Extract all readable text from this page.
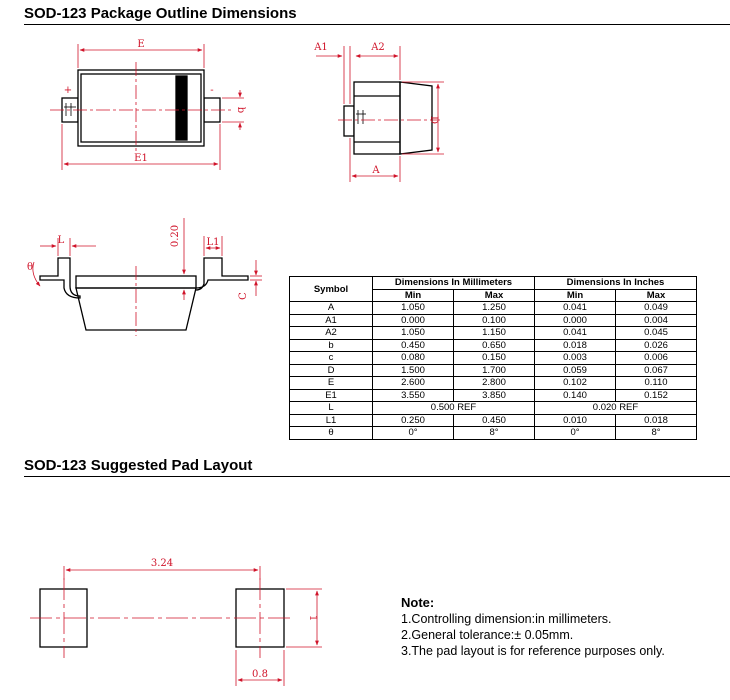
SOD-123 Package Outline Dimensions
SOD-123 Suggested Pad Layout
E
E1
+	-
b
A1	A2
D
A
L
θ
0.20	L1
C
3.24
1
0.8
Symbol	Dimensions In Millimeters		Dimensions In Inches	
	Min	Max	Min	Max
A	1.050	1.250	0.041	0.049
A1	0.000	0.100	0.000	0.004
A2	1.050	1.150	0.041	0.045
b	0.450	0.650	0.018	0.026
c	0.080	0.150	0.003	0.006
D	1.500	1.700	0.059	0.067
E	2.600	2.800	0.102	0.110
E1	3.550	3.850	0.140	0.152
L	0.500 REF		0.020 REF	
L1	0.250	0.450	0.010	0.018
θ	0°	8°	0°	8°
Note:
1.Controlling dimension:in millimeters.
2.General tolerance:± 0.05mm.
3.The pad layout is for reference purposes only.
